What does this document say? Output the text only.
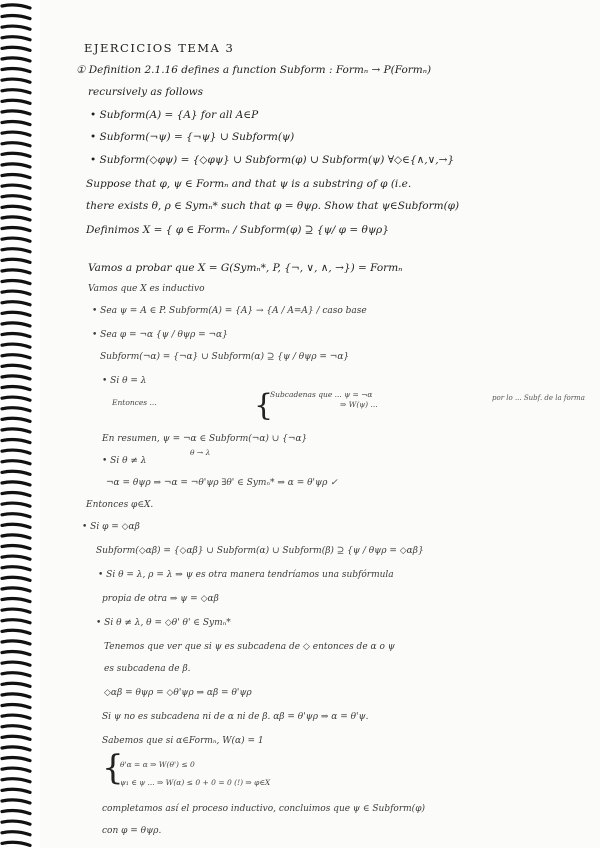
EJERCICIOS TEMA 3
① Definition 2.1.16 defines a function Subform : Formₙ → P(Formₙ)
recursively as follows
• Subform(A) = {A} for all A∈P
• Subform(¬ψ) = {¬ψ} ∪ Subform(ψ)
• Subform(◇φψ) = {◇φψ} ∪ Subform(φ) ∪ Subform(ψ) ∀◇∈{∧,∨,→}
Suppose that φ, ψ ∈ Formₙ and that ψ is a substring of φ (i.e.
there exists θ, ρ ∈ Symₙ* such that φ = θψρ. Show that ψ∈Subform(φ)
Definimos X = { φ ∈ Formₙ / Subform(φ) ⊇ {ψ/ φ = θψρ}
Vamos a probar que X = G(Symₙ*, P, {¬, ∨, ∧, →}) = Formₙ
Vamos que X es inductivo
• Sea ψ = A ∈ P. Subform(A) = {A} → {A / A=A} / caso base
• Sea φ = ¬α {ψ / θψρ = ¬α}
Subform(¬α) = {¬α} ∪ Subform(α) ⊇ {ψ / θψρ = ¬α}
• Si θ = λ
Entonces ...	{
Subcadenas que ... ψ = ¬α
⇒ W(ψ) ...
por lo ... Subf. de la forma
En resumen, ψ = ¬α ∈ Subform(¬α) ∪ {¬α}
• Si θ ≠ λ
θ → λ
¬α = θψρ ⇒ ¬α = ¬θ'ψρ ∃θ' ∈ Symₙ* ⇒ α = θ'ψρ ✓
Entonces φ∈X.
• Si φ = ◇αβ
Subform(◇αβ) = {◇αβ} ∪ Subform(α) ∪ Subform(β) ⊇ {ψ / θψρ = ◇αβ}
• Si θ = λ, ρ = λ ⇒ ψ es otra manera tendríamos una subfórmula
propia de otra ⇒ ψ = ◇αβ
• Si θ ≠ λ, θ = ◇θ' θ' ∈ Symₙ*
Tenemos que ver que si ψ es subcadena de ◇ entonces de α o ψ
es subcadena de β.
◇αβ = θψρ = ◇θ'ψρ ⇒ αβ = θ'ψρ
Si ψ no es subcadena ni de α ni de β. αβ = θ'ψρ ⇒ α = θ'ψ.
Sabemos que si α∈Formₙ, W(α) = 1
{
θ'α = α ⇒ W(θ') ≤ 0
ψ₁ ∈ ψ ... ⇒ W(α) ≤ 0 + 0 = 0 (!) ⇒ φ∈X
completamos así el proceso inductivo, concluimos que ψ ∈ Subform(φ)
con φ = θψρ.
